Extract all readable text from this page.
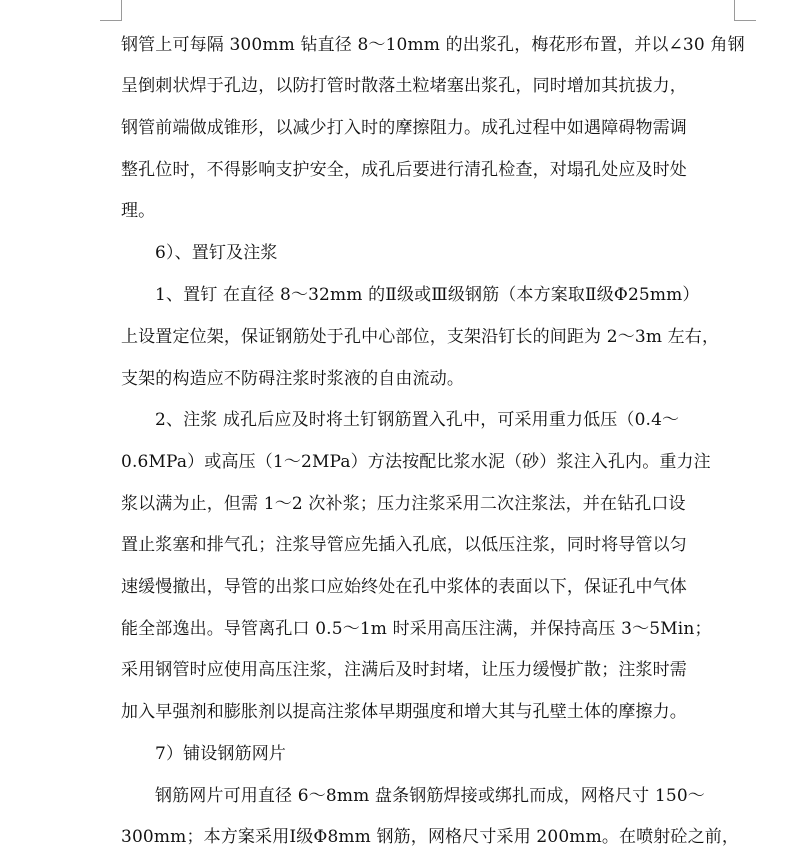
钢管上可每隔 300mm 钻直径 8～10mm 的出浆孔，梅花形布置，并以∠30 角钢
呈倒刺状焊于孔边，以防打管时散落土粒堵塞出浆孔，同时增加其抗拔力，
钢管前端做成锥形，以减少打入时的摩擦阻力。成孔过程中如遇障碍物需调
整孔位时，不得影响支护安全，成孔后要进行清孔检查，对塌孔处应及时处
理。
6）、置钉及注浆
1、置钉 在直径 8～32mm 的Ⅱ级或Ⅲ级钢筋（本方案取Ⅱ级Φ25mm）
上设置定位架，保证钢筋处于孔中心部位，支架沿钉长的间距为 2～3m 左右，
支架的构造应不防碍注浆时浆液的自由流动。
2、注浆 成孔后应及时将土钉钢筋置入孔中，可采用重力低压（0.4～
0.6MPa）或高压（1～2MPa）方法按配比浆水泥（砂）浆注入孔内。重力注
浆以满为止，但需 1～2 次补浆；压力注浆采用二次注浆法，并在钻孔口设
置止浆塞和排气孔；注浆导管应先插入孔底，以低压注浆，同时将导管以匀
速缓慢撤出，导管的出浆口应始终处在孔中浆体的表面以下，保证孔中气体
能全部逸出。导管离孔口 0.5～1m 时采用高压注满，并保持高压 3～5Min；
采用钢管时应使用高压注浆，注满后及时封堵，让压力缓慢扩散；注浆时需
加入早强剂和膨胀剂以提高注浆体早期强度和增大其与孔壁土体的摩擦力。
7）铺设钢筋网片
钢筋网片可用直径 6～8mm 盘条钢筋焊接或绑扎而成，网格尺寸 150～
300mm；本方案采用Ⅰ级Φ8mm 钢筋，网格尺寸采用 200mm。在喷射砼之前，
